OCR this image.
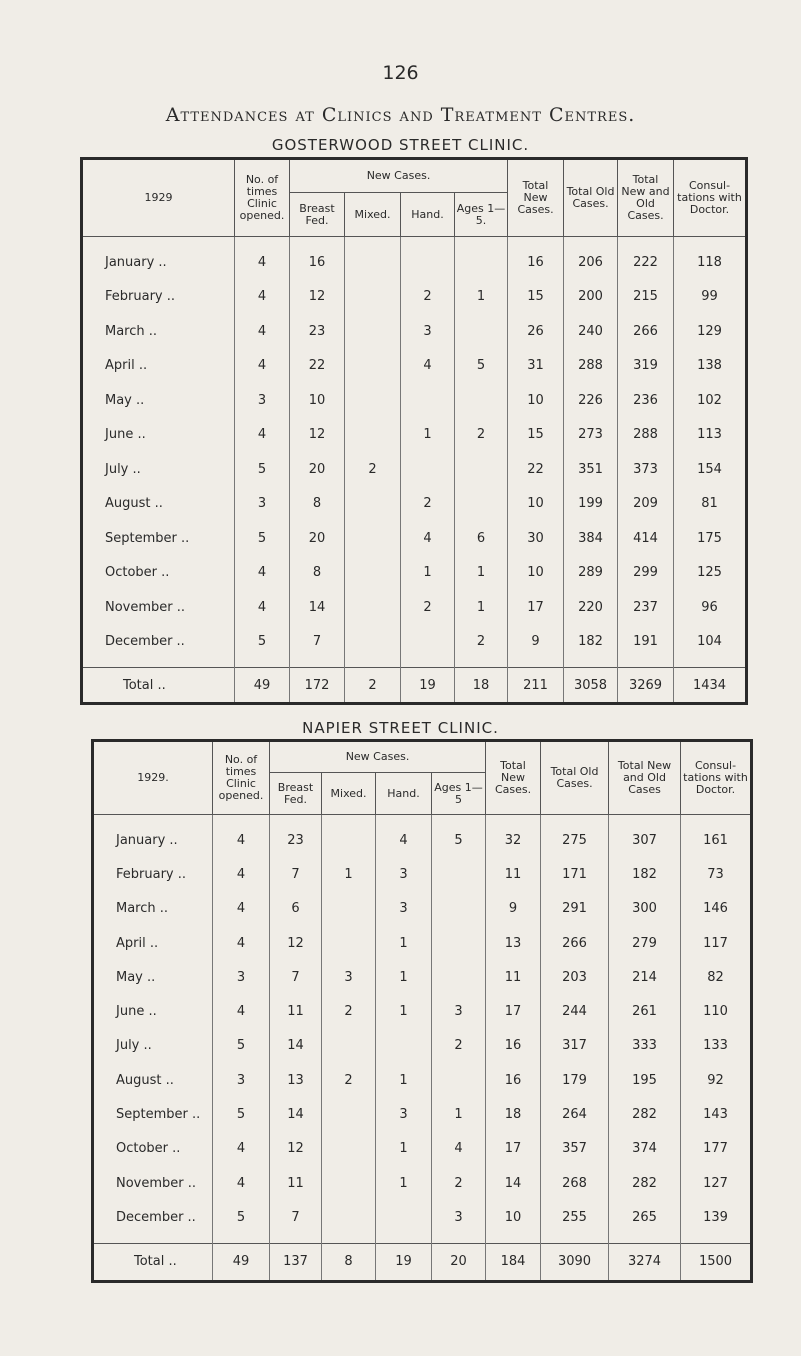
126
Attendances at Clinics and Treatment Centres.
GOSTERWOOD STREET CLINIC.
1929	No. of times Clinic opened.	New Cases.				Total New Cases.	Total Old Cases.	Total New and Old Cases.	Consul- tations with Doctor.
		Breast Fed.	Mixed.	Hand.	Ages 1—5.				

January ..	4	16				16	206	222	118
February ..	4	12		2	1	15	200	215	99
March ..	4	23		3		26	240	266	129
April ..	4	22		4	5	31	288	319	138
May ..	3	10				10	226	236	102
June ..	4	12		1	2	15	273	288	113
July ..	5	20	2			22	351	373	154
August ..	3	8		2		10	199	209	81
September ..	5	20		4	6	30	384	414	175
October ..	4	8		1	1	10	289	299	125
November ..	4	14		2	1	17	220	237	96
December ..	5	7			2	9	182	191	104

Total ..	49	172	2	19	18	211	3058	3269	1434
NAPIER STREET CLINIC.
1929.	No. of times Clinic opened.	New Cases.				Total New Cases.	Total Old Cases.	Total New and Old Cases	Consul- tations with Doctor.
		Breast Fed.	Mixed.	Hand.	Ages 1—5				

January ..	4	23		4	5	32	275	307	161
February ..	4	7	1	3		11	171	182	73
March ..	4	6		3		9	291	300	146
April ..	4	12		1		13	266	279	117
May ..	3	7	3	1		11	203	214	82
June ..	4	11	2	1	3	17	244	261	110
July ..	5	14			2	16	317	333	133
August ..	3	13	2	1		16	179	195	92
September ..	5	14		3	1	18	264	282	143
October ..	4	12		1	4	17	357	374	177
November ..	4	11		1	2	14	268	282	127
December ..	5	7			3	10	255	265	139

Total ..	49	137	8	19	20	184	3090	3274	1500
